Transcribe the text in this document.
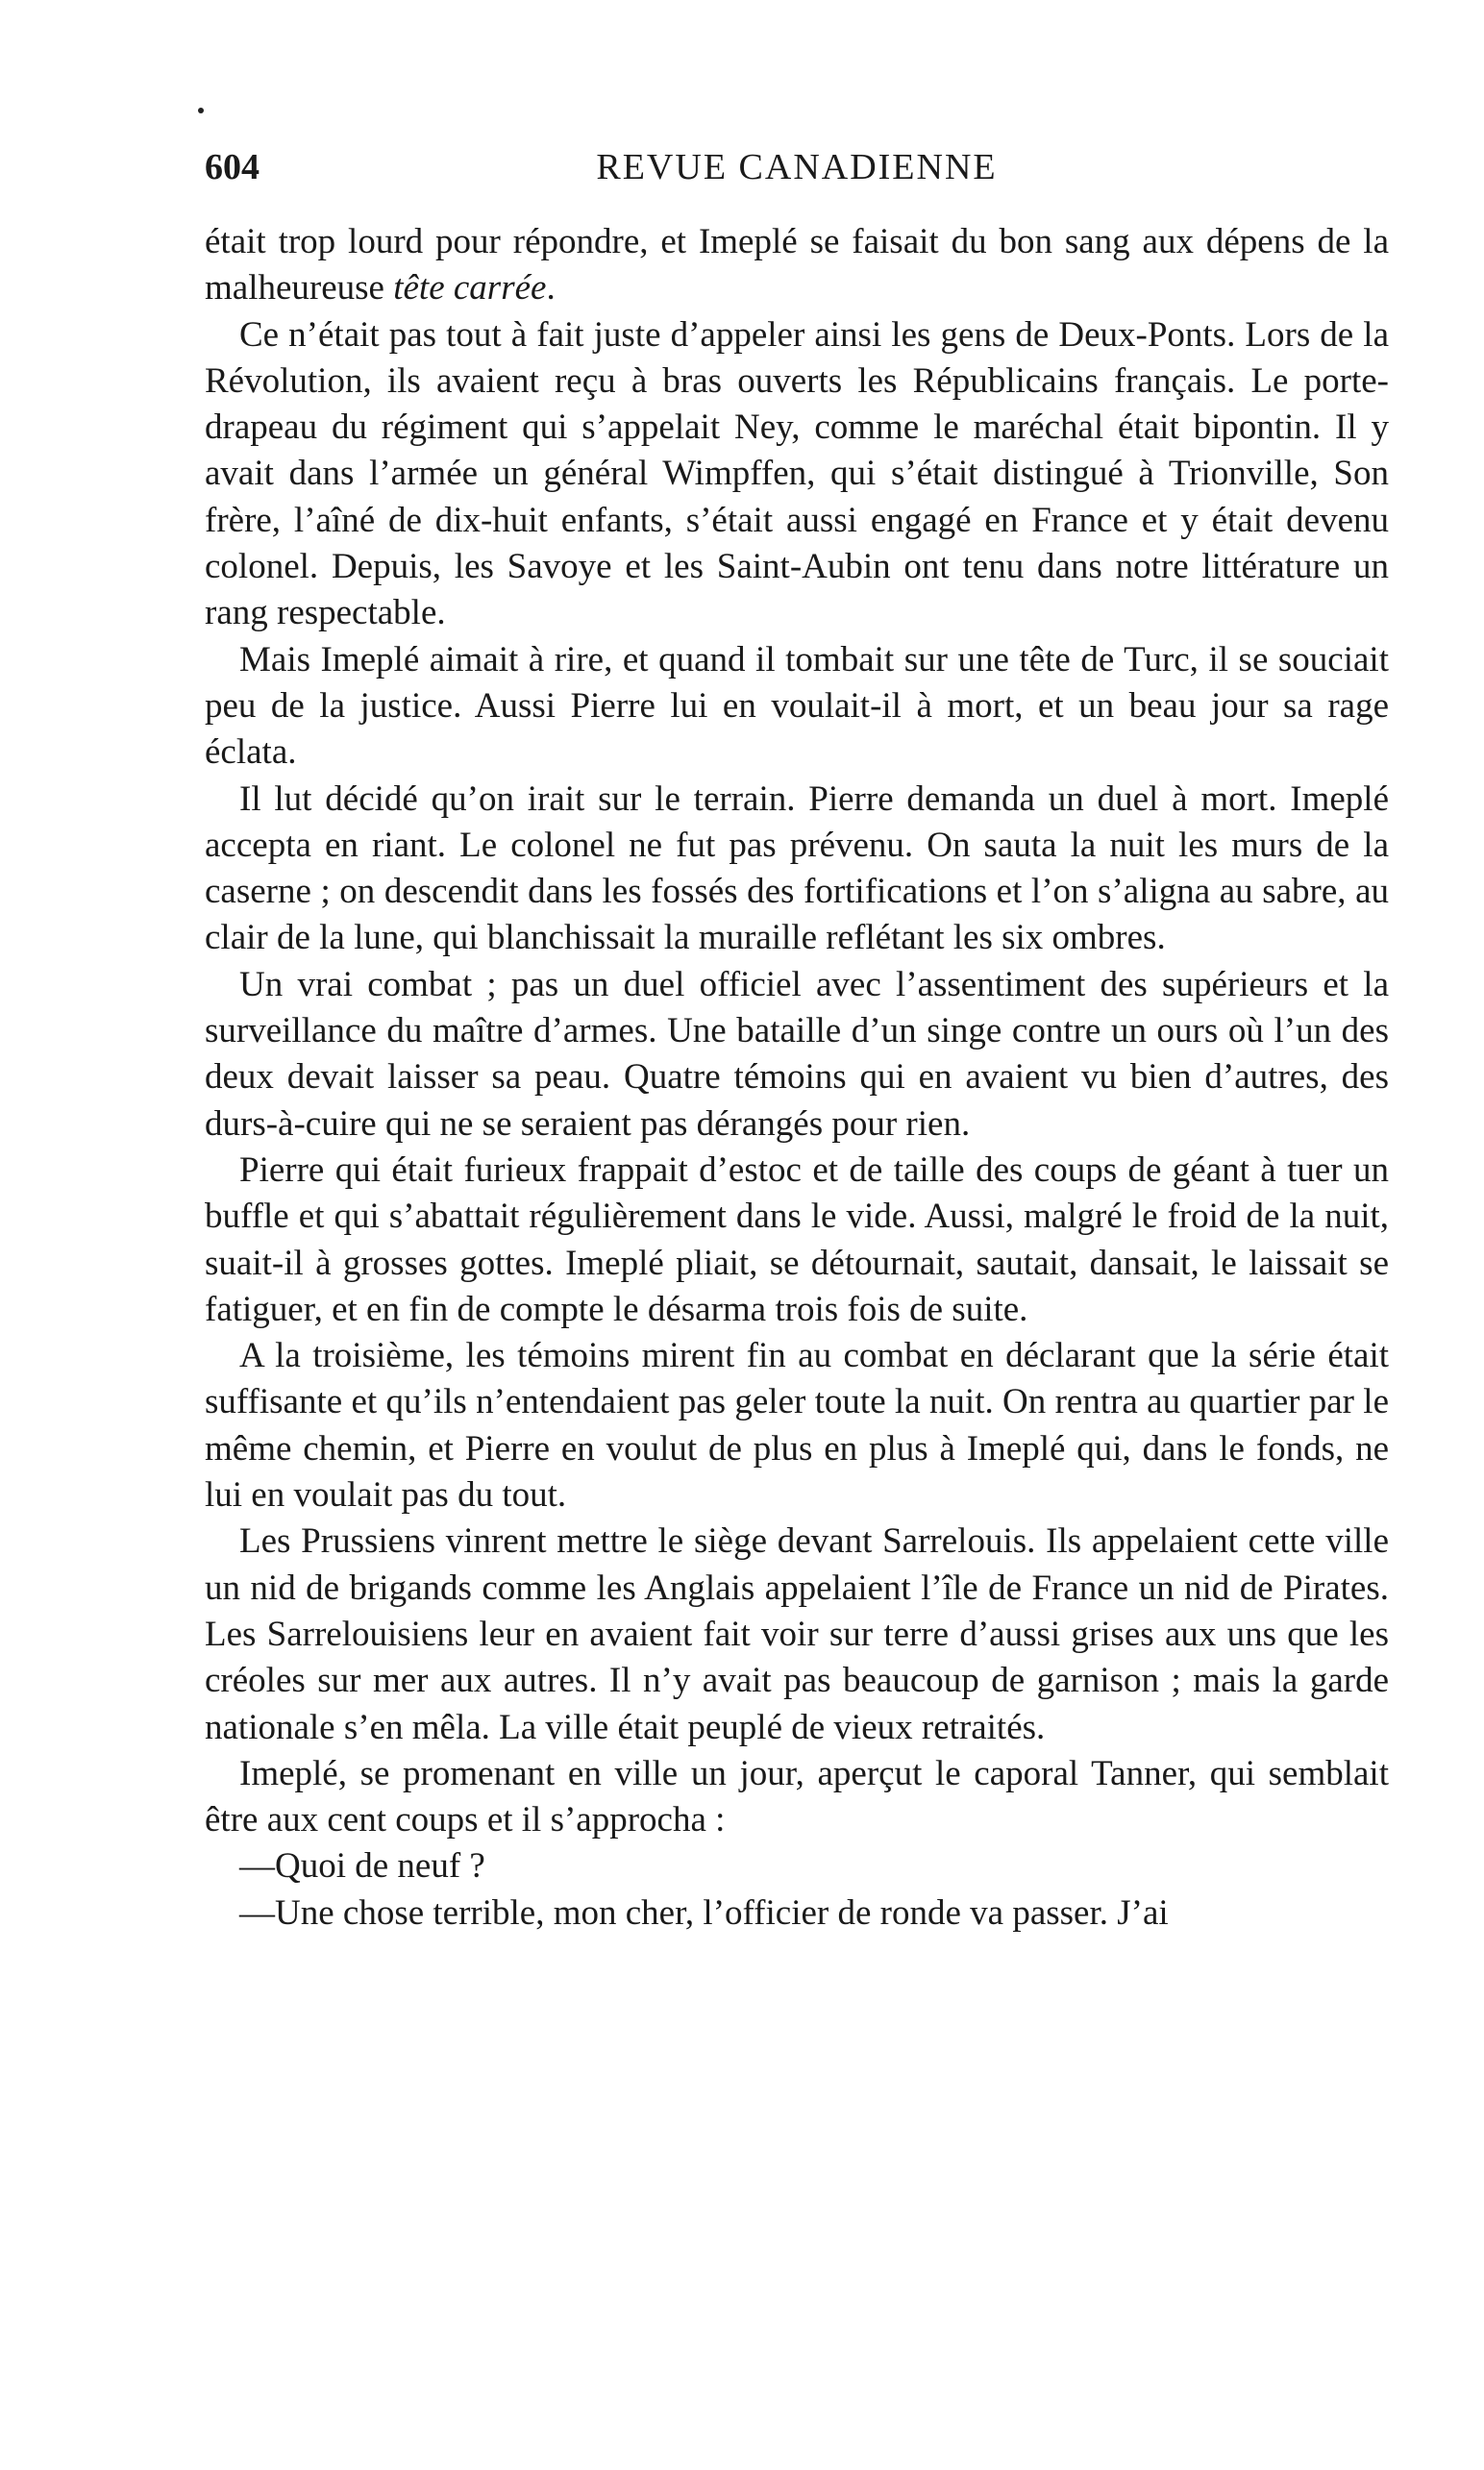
604	REVUE CANADIENNE

était trop lourd pour répondre, et Imeplé se faisait du bon sang aux dépens de la malheureuse tête carrée.

Ce n’était pas tout à fait juste d’appeler ainsi les gens de Deux-Ponts. Lors de la Révolution, ils avaient reçu à bras ouverts les Républicains français. Le porte-drapeau du régiment qui s’appelait Ney, comme le maréchal était bipontin. Il y avait dans l’armée un général Wimpffen, qui s’était distingué à Trionville, Son frère, l’aîné de dix-huit enfants, s’était aussi engagé en France et y était devenu colonel. Depuis, les Savoye et les Saint-Aubin ont tenu dans notre littérature un rang respectable.

Mais Imeplé aimait à rire, et quand il tombait sur une tête de Turc, il se souciait peu de la justice. Aussi Pierre lui en voulait-il à mort, et un beau jour sa rage éclata.

Il lut décidé qu’on irait sur le terrain. Pierre demanda un duel à mort. Imeplé accepta en riant. Le colonel ne fut pas prévenu. On sauta la nuit les murs de la caserne ; on descendit dans les fossés des fortifications et l’on s’aligna au sabre, au clair de la lune, qui blanchissait la muraille reflétant les six ombres.

Un vrai combat ; pas un duel officiel avec l’assentiment des supérieurs et la surveillance du maître d’armes. Une bataille d’un singe contre un ours où l’un des deux devait laisser sa peau. Quatre témoins qui en avaient vu bien d’autres, des durs-à-cuire qui ne se seraient pas dérangés pour rien.

Pierre qui était furieux frappait d’estoc et de taille des coups de géant à tuer un buffle et qui s’abattait régulièrement dans le vide. Aussi, malgré le froid de la nuit, suait-il à grosses gottes. Imeplé pliait, se détournait, sautait, dansait, le laissait se fatiguer, et en fin de compte le désarma trois fois de suite.

A la troisième, les témoins mirent fin au combat en déclarant que la série était suffisante et qu’ils n’entendaient pas geler toute la nuit. On rentra au quartier par le même chemin, et Pierre en voulut de plus en plus à Imeplé qui, dans le fonds, ne lui en voulait pas du tout.

Les Prussiens vinrent mettre le siège devant Sarrelouis. Ils appelaient cette ville un nid de brigands comme les Anglais appelaient l’île de France un nid de Pirates. Les Sarrelouisiens leur en avaient fait voir sur terre d’aussi grises aux uns que les créoles sur mer aux autres. Il n’y avait pas beaucoup de garnison ; mais la garde nationale s’en mêla. La ville était peuplé de vieux retraités.

Imeplé, se promenant en ville un jour, aperçut le caporal Tanner, qui semblait être aux cent coups et il s’approcha :

—Quoi de neuf ?

—Une chose terrible, mon cher, l’officier de ronde va passer. J’ai
